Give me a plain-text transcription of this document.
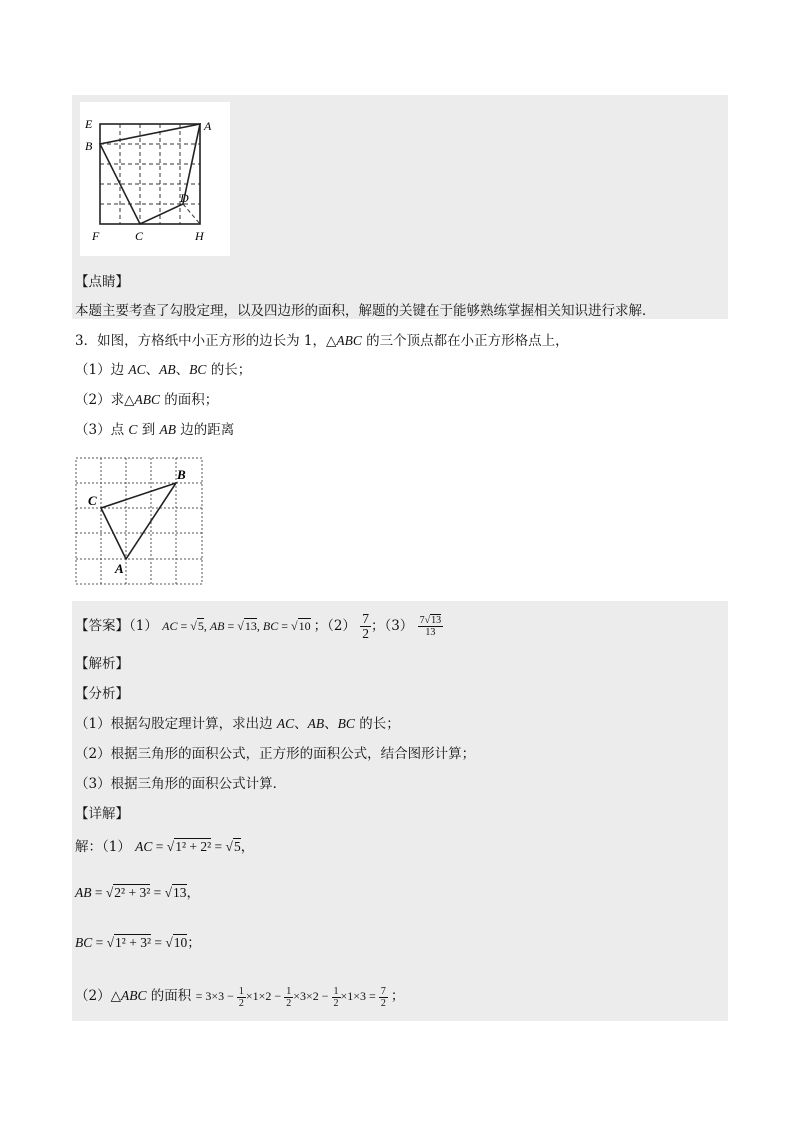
E	A
B
D
F	C	H
【点睛】
本题主要考查了勾股定理，以及四边形的面积，解题的关键在于能够熟练掌握相关知识进行求解．
3．如图，方格纸中小正方形的边长为 1，△ABC 的三个顶点都在小正方形格点上，
（1）边 AC、AB、BC 的长；
（2）求△ABC 的面积；
（3）点 C 到 AB 边的距离
B
C
A
【答案】（1） AC = √5, AB = √13, BC = √10 ；$(2) \frac{7}{2}$ ；$(3) \frac{7√13}{13}$
【解析】
【分析】
（1）根据勾股定理计算，求出边 AC、AB、BC 的长；
（2）根据三角形的面积公式，正方形的面积公式，结合图形计算；
（3）根据三角形的面积公式计算．
【详解】
解：（1） AC = √1² + 2² = √5，
AB = √2² + 3² = √13，
BC = √1² + 3² = √10；
（2）△ABC 的面积 = $3\times 3 - \frac{1}{2} \times 1\times 2 - \frac{1}{2} \times 3\times 2 - \frac{1}{2} \times 1\times 3 = \frac{7}{2}$ ；
